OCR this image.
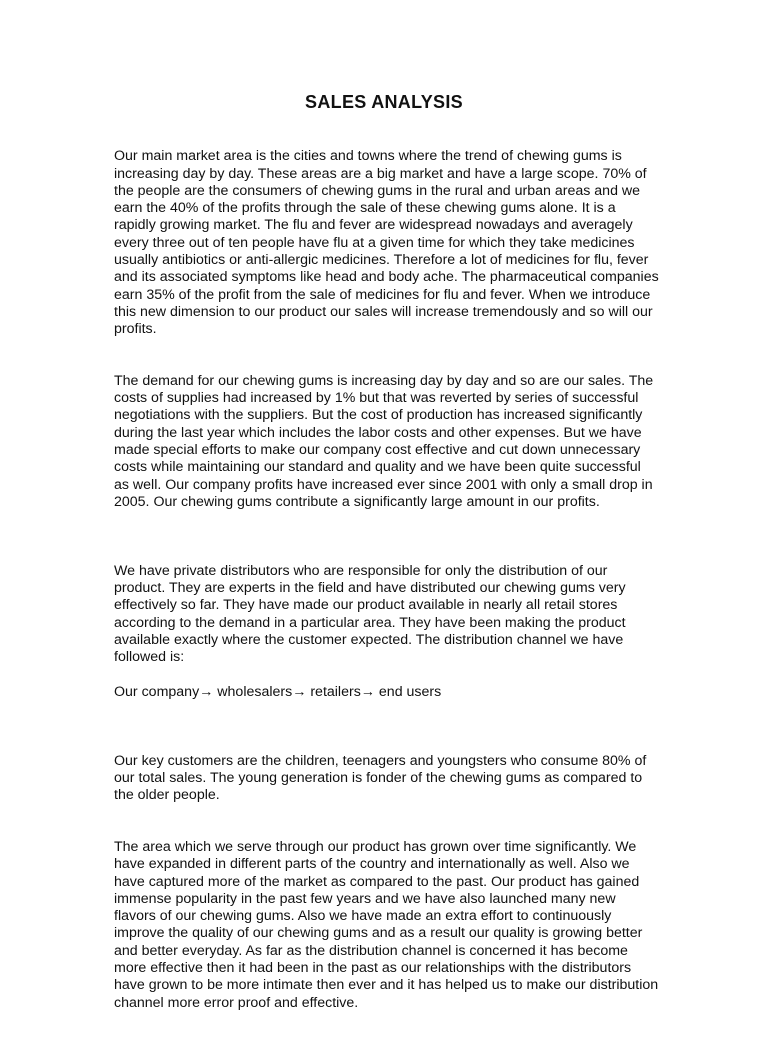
SALES ANALYSIS

Our main market area is the cities and towns where the trend of chewing gums is increasing day by day. These areas are a big market and have a large scope. 70% of the people are the consumers of chewing gums in the rural and urban areas and we earn the 40% of the profits through the sale of these chewing gums alone. It is a rapidly growing market. The flu and fever are widespread nowadays and averagely every three out of ten people have flu at a given time for which they take medicines usually antibiotics or anti-allergic medicines. Therefore a lot of medicines for flu, fever and its associated symptoms like head and body ache. The pharmaceutical companies earn 35% of the profit from the sale of medicines for flu and fever. When we introduce this new dimension to our product our sales will increase tremendously and so will our profits.

The demand for our chewing gums is increasing day by day and so are our sales. The costs of supplies had increased by 1% but that was reverted by series of successful negotiations with the suppliers. But the cost of production has increased significantly during the last year which includes the labor costs and other expenses. But we have made special efforts to make our company cost effective and cut down unnecessary costs while maintaining our standard and quality and we have been quite successful as well. Our company profits have increased ever since 2001 with only a small drop in 2005. Our chewing gums contribute a significantly large amount in our profits.

We have private distributors who are responsible for only the distribution of our product. They are experts in the field and have distributed our chewing gums very effectively so far. They have made our product available in nearly all retail stores according to the demand in a particular area. They have been making the product available exactly where the customer expected. The distribution channel we have followed is:

Our company→ wholesalers→ retailers→ end users

Our key customers are the children, teenagers and youngsters who consume 80% of our total sales. The young generation is fonder of the chewing gums as compared to the older people.

The area which we serve through our product has grown over time significantly. We have expanded in different parts of the country and internationally as well. Also we have captured more of the market as compared to the past. Our product has gained immense popularity in the past few years and we have also launched many new flavors of our chewing gums. Also we have made an extra effort to continuously improve the quality of our chewing gums and as a result our quality is growing better and better everyday. As far as the distribution channel is concerned it has become more effective then it had been in the past as our relationships with the distributors have grown to be more intimate then ever and it has helped us to make our distribution channel more error proof and effective.
